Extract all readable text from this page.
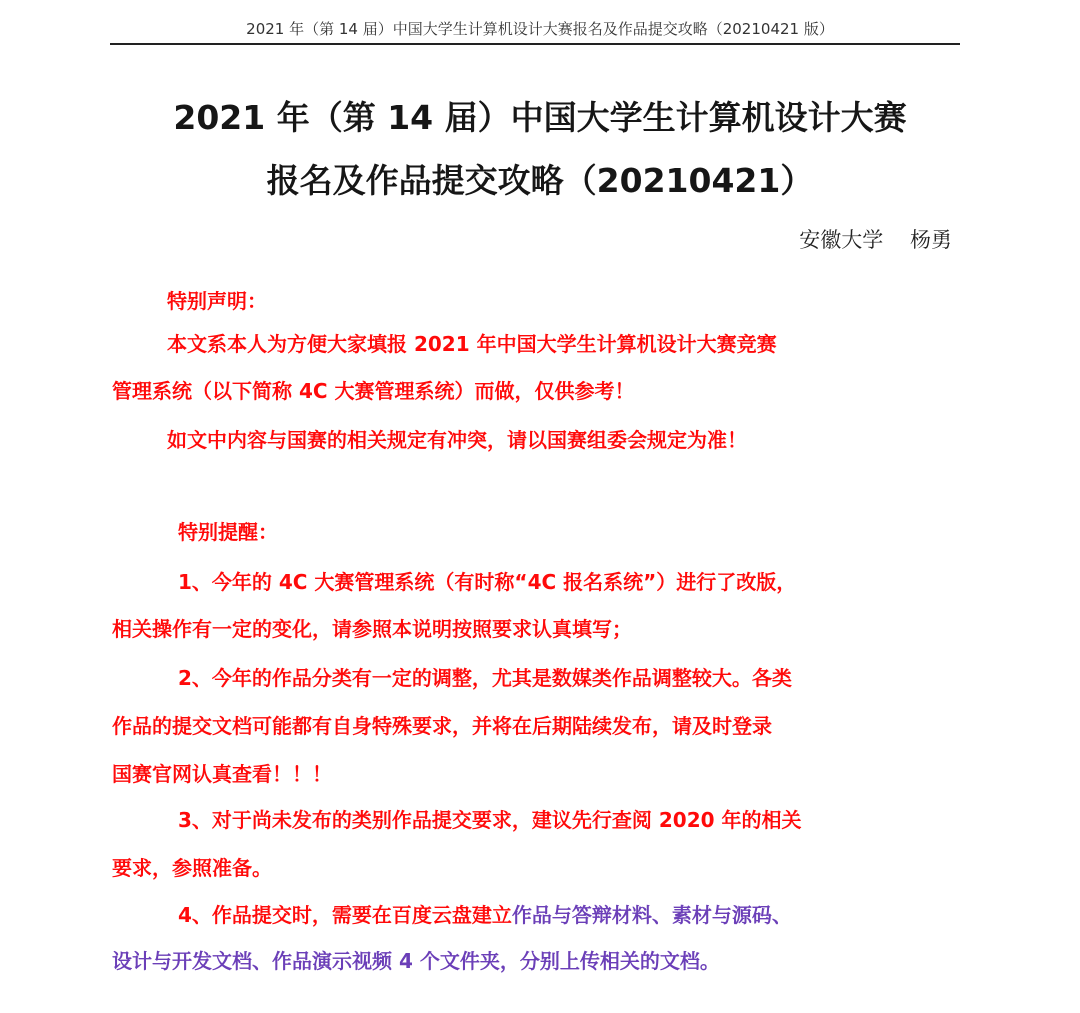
2021 年（第 14 届）中国大学生计算机设计大赛报名及作品提交攻略（20210421 版）
2021 年（第 14 届）中国大学生计算机设计大赛
报名及作品提交攻略（20210421）
安徽大学    杨勇
特别声明：
本文系本人为方便大家填报 2021 年中国大学生计算机设计大赛竞赛
管理系统（以下简称 4C 大赛管理系统）而做，仅供参考！
如文中内容与国赛的相关规定有冲突，请以国赛组委会规定为准！
特别提醒：
1、今年的 4C 大赛管理系统（有时称“4C 报名系统”）进行了改版，
相关操作有一定的变化，请参照本说明按照要求认真填写；
2、今年的作品分类有一定的调整，尤其是数媒类作品调整较大。各类
作品的提交文档可能都有自身特殊要求，并将在后期陆续发布，请及时登录
国赛官网认真查看！！！
3、对于尚未发布的类别作品提交要求，建议先行查阅 2020 年的相关
要求，参照准备。
4、作品提交时，需要在百度云盘建立作品与答辩材料、素材与源码、
设计与开发文档、作品演示视频 4 个文件夹，分别上传相关的文档。
